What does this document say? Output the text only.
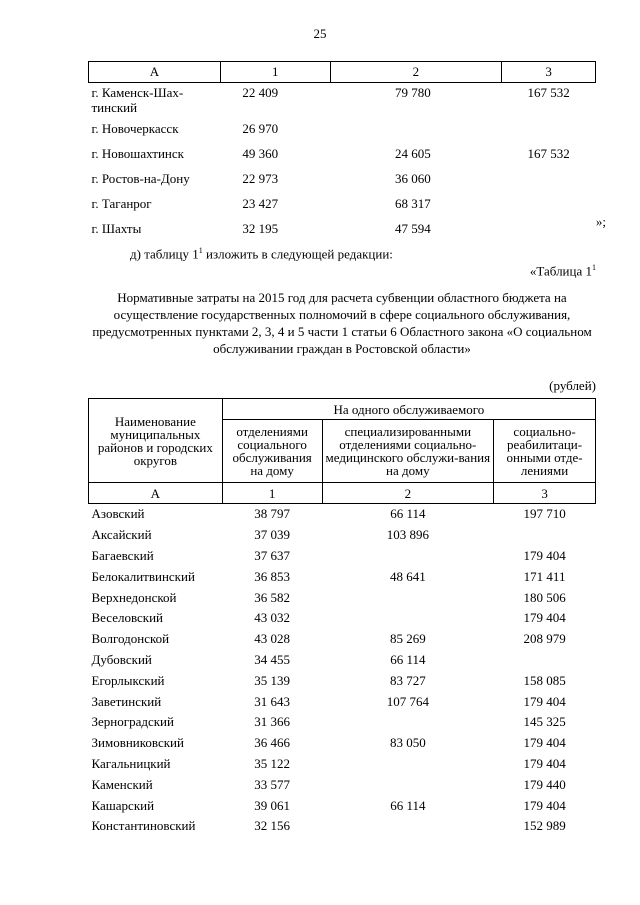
25
А	1	2	3
г. Каменск-Шах-
тинский	22 409	79 780	167 532
г. Новочеркасск	26 970		
г. Новошахтинск	49 360	24 605	167 532
г. Ростов-на-Дону	22 973	36 060	
г. Таганрог	23 427	68 317	
г. Шахты	32 195	47 594		»;
д) таблицу $1^1$ изложить в следующей редакции:
«Таблица $1^1$
Нормативные затраты на 2015 год для расчета субвенции областного бюджета на осуществление государственных полномочий в сфере социального обслуживания, предусмотренных пунктами 2, 3, 4 и 5 части 1 статьи 6 Областного закона «О социальном обслуживании граждан в Ростовской области»
(рублей)
Наименование муниципальных районов и городских округов	На одного обслуживаемого		
	отделениями социального обслуживания на дому	специализированными отделениями социально-медицинского обслужи-вания на дому	социально-реабилитаци-онными отде-лениями
А	1	2	3
Азовский	38 797	66 114	197 710
Аксайский	37 039	103 896	
Багаевский	37 637		179 404
Белокалитвинский	36 853	48 641	171 411
Верхнедонской	36 582		180 506
Веселовский	43 032		179 404
Волгодонской	43 028	85 269	208 979
Дубовский	34 455	66 114	
Егорлыкский	35 139	83 727	158 085
Заветинский	31 643	107 764	179 404
Зерноградский	31 366		145 325
Зимовниковский	36 466	83 050	179 404
Кагальницкий	35 122		179 404
Каменский	33 577		179 440
Кашарский	39 061	66 114	179 404
Константиновский	32 156		152 989
